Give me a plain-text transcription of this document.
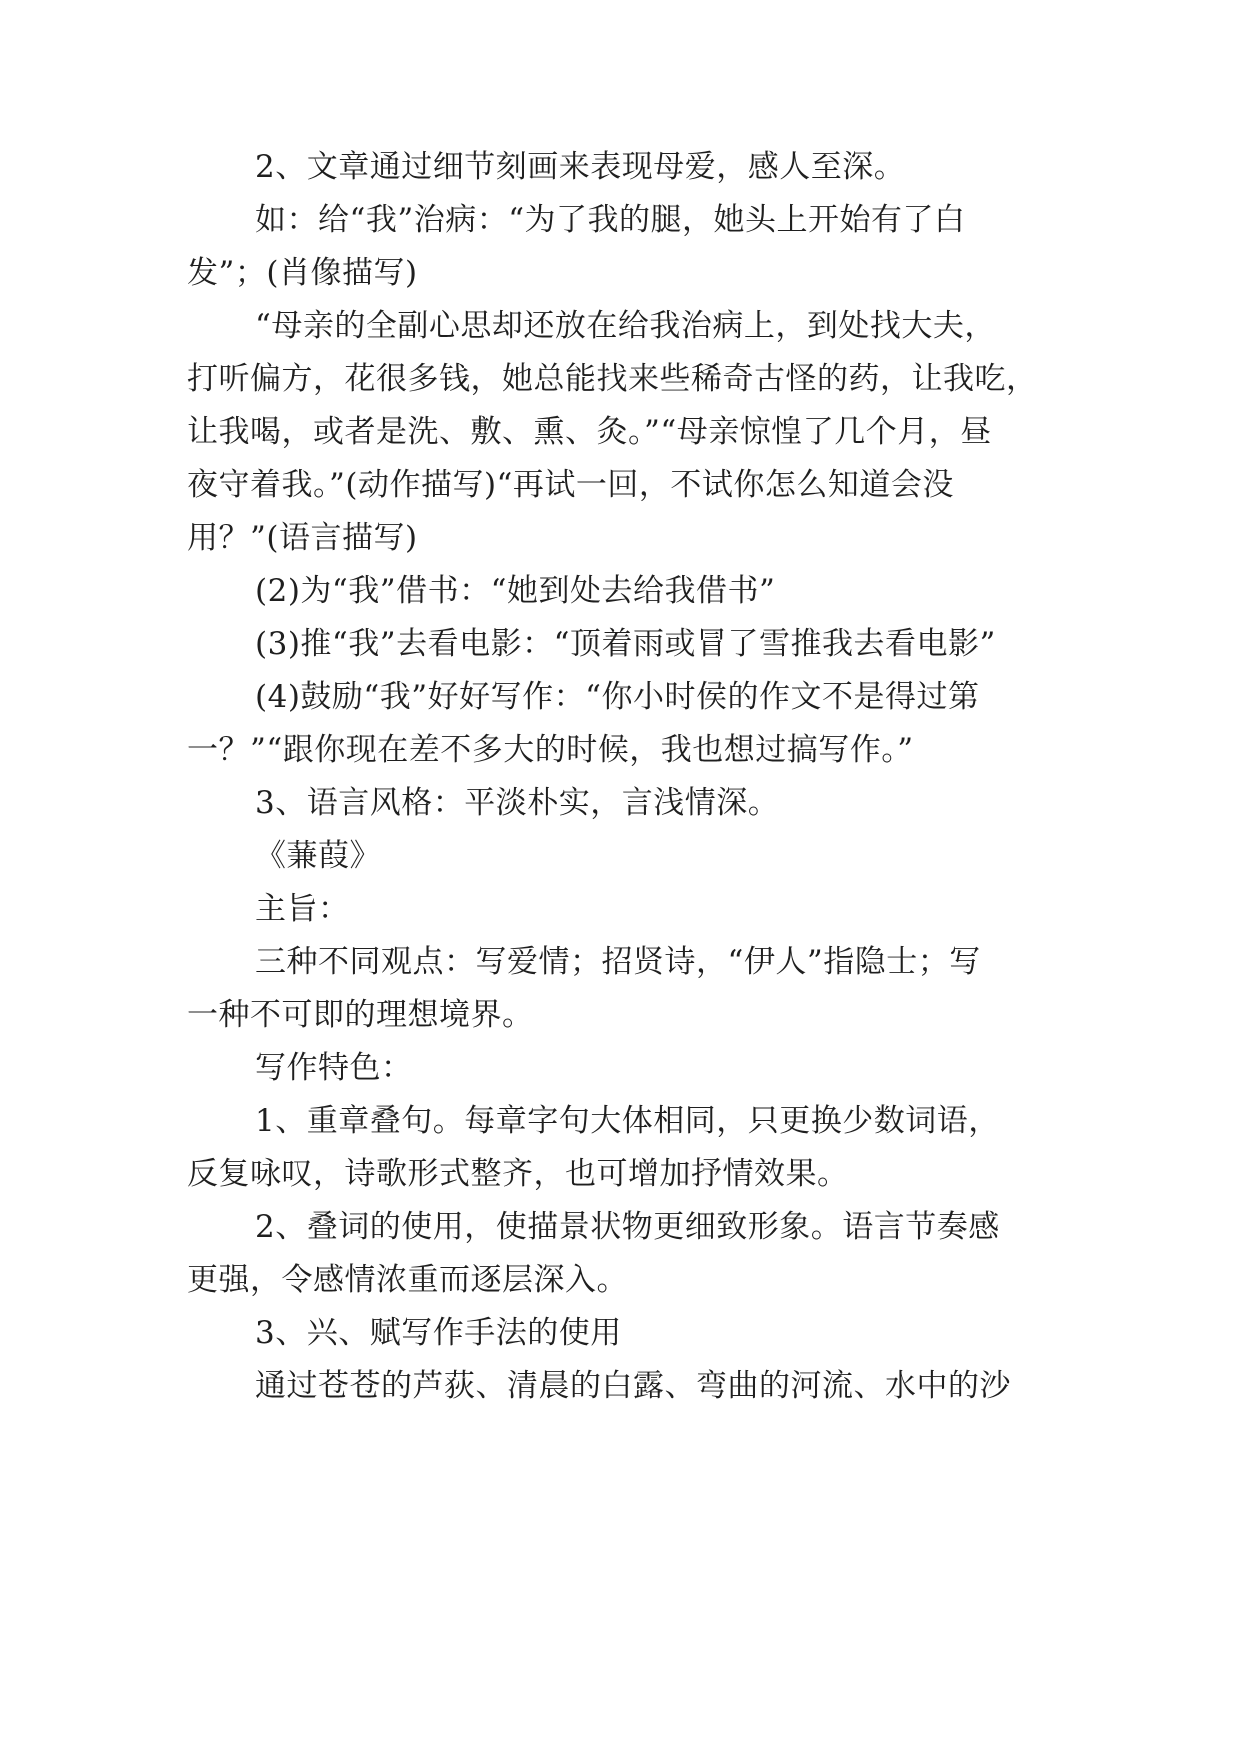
2、文章通过细节刻画来表现母爱，感人至深。
如：给“我”治病：“为了我的腿，她头上开始有了白
发”；(肖像描写)
“母亲的全副心思却还放在给我治病上，到处找大夫，
打听偏方，花很多钱，她总能找来些稀奇古怪的药，让我吃，
让我喝，或者是洗、敷、熏、灸。”“母亲惊惶了几个月，昼
夜守着我。”(动作描写)“再试一回，不试你怎么知道会没
用？”(语言描写)
(2)为“我”借书：“她到处去给我借书”
(3)推“我”去看电影：“顶着雨或冒了雪推我去看电影”
(4)鼓励“我”好好写作：“你小时侯的作文不是得过第
一？”“跟你现在差不多大的时候，我也想过搞写作。”
3、语言风格：平淡朴实，言浅情深。
《蒹葭》
主旨：
三种不同观点：写爱情；招贤诗，“伊人”指隐士；写
一种不可即的理想境界。
写作特色：
1、重章叠句。每章字句大体相同，只更换少数词语，
反复咏叹，诗歌形式整齐，也可增加抒情效果。
2、叠词的使用，使描景状物更细致形象。语言节奏感
更强，令感情浓重而逐层深入。
3、兴、赋写作手法的使用
通过苍苍的芦荻、清晨的白露、弯曲的河流、水中的沙
